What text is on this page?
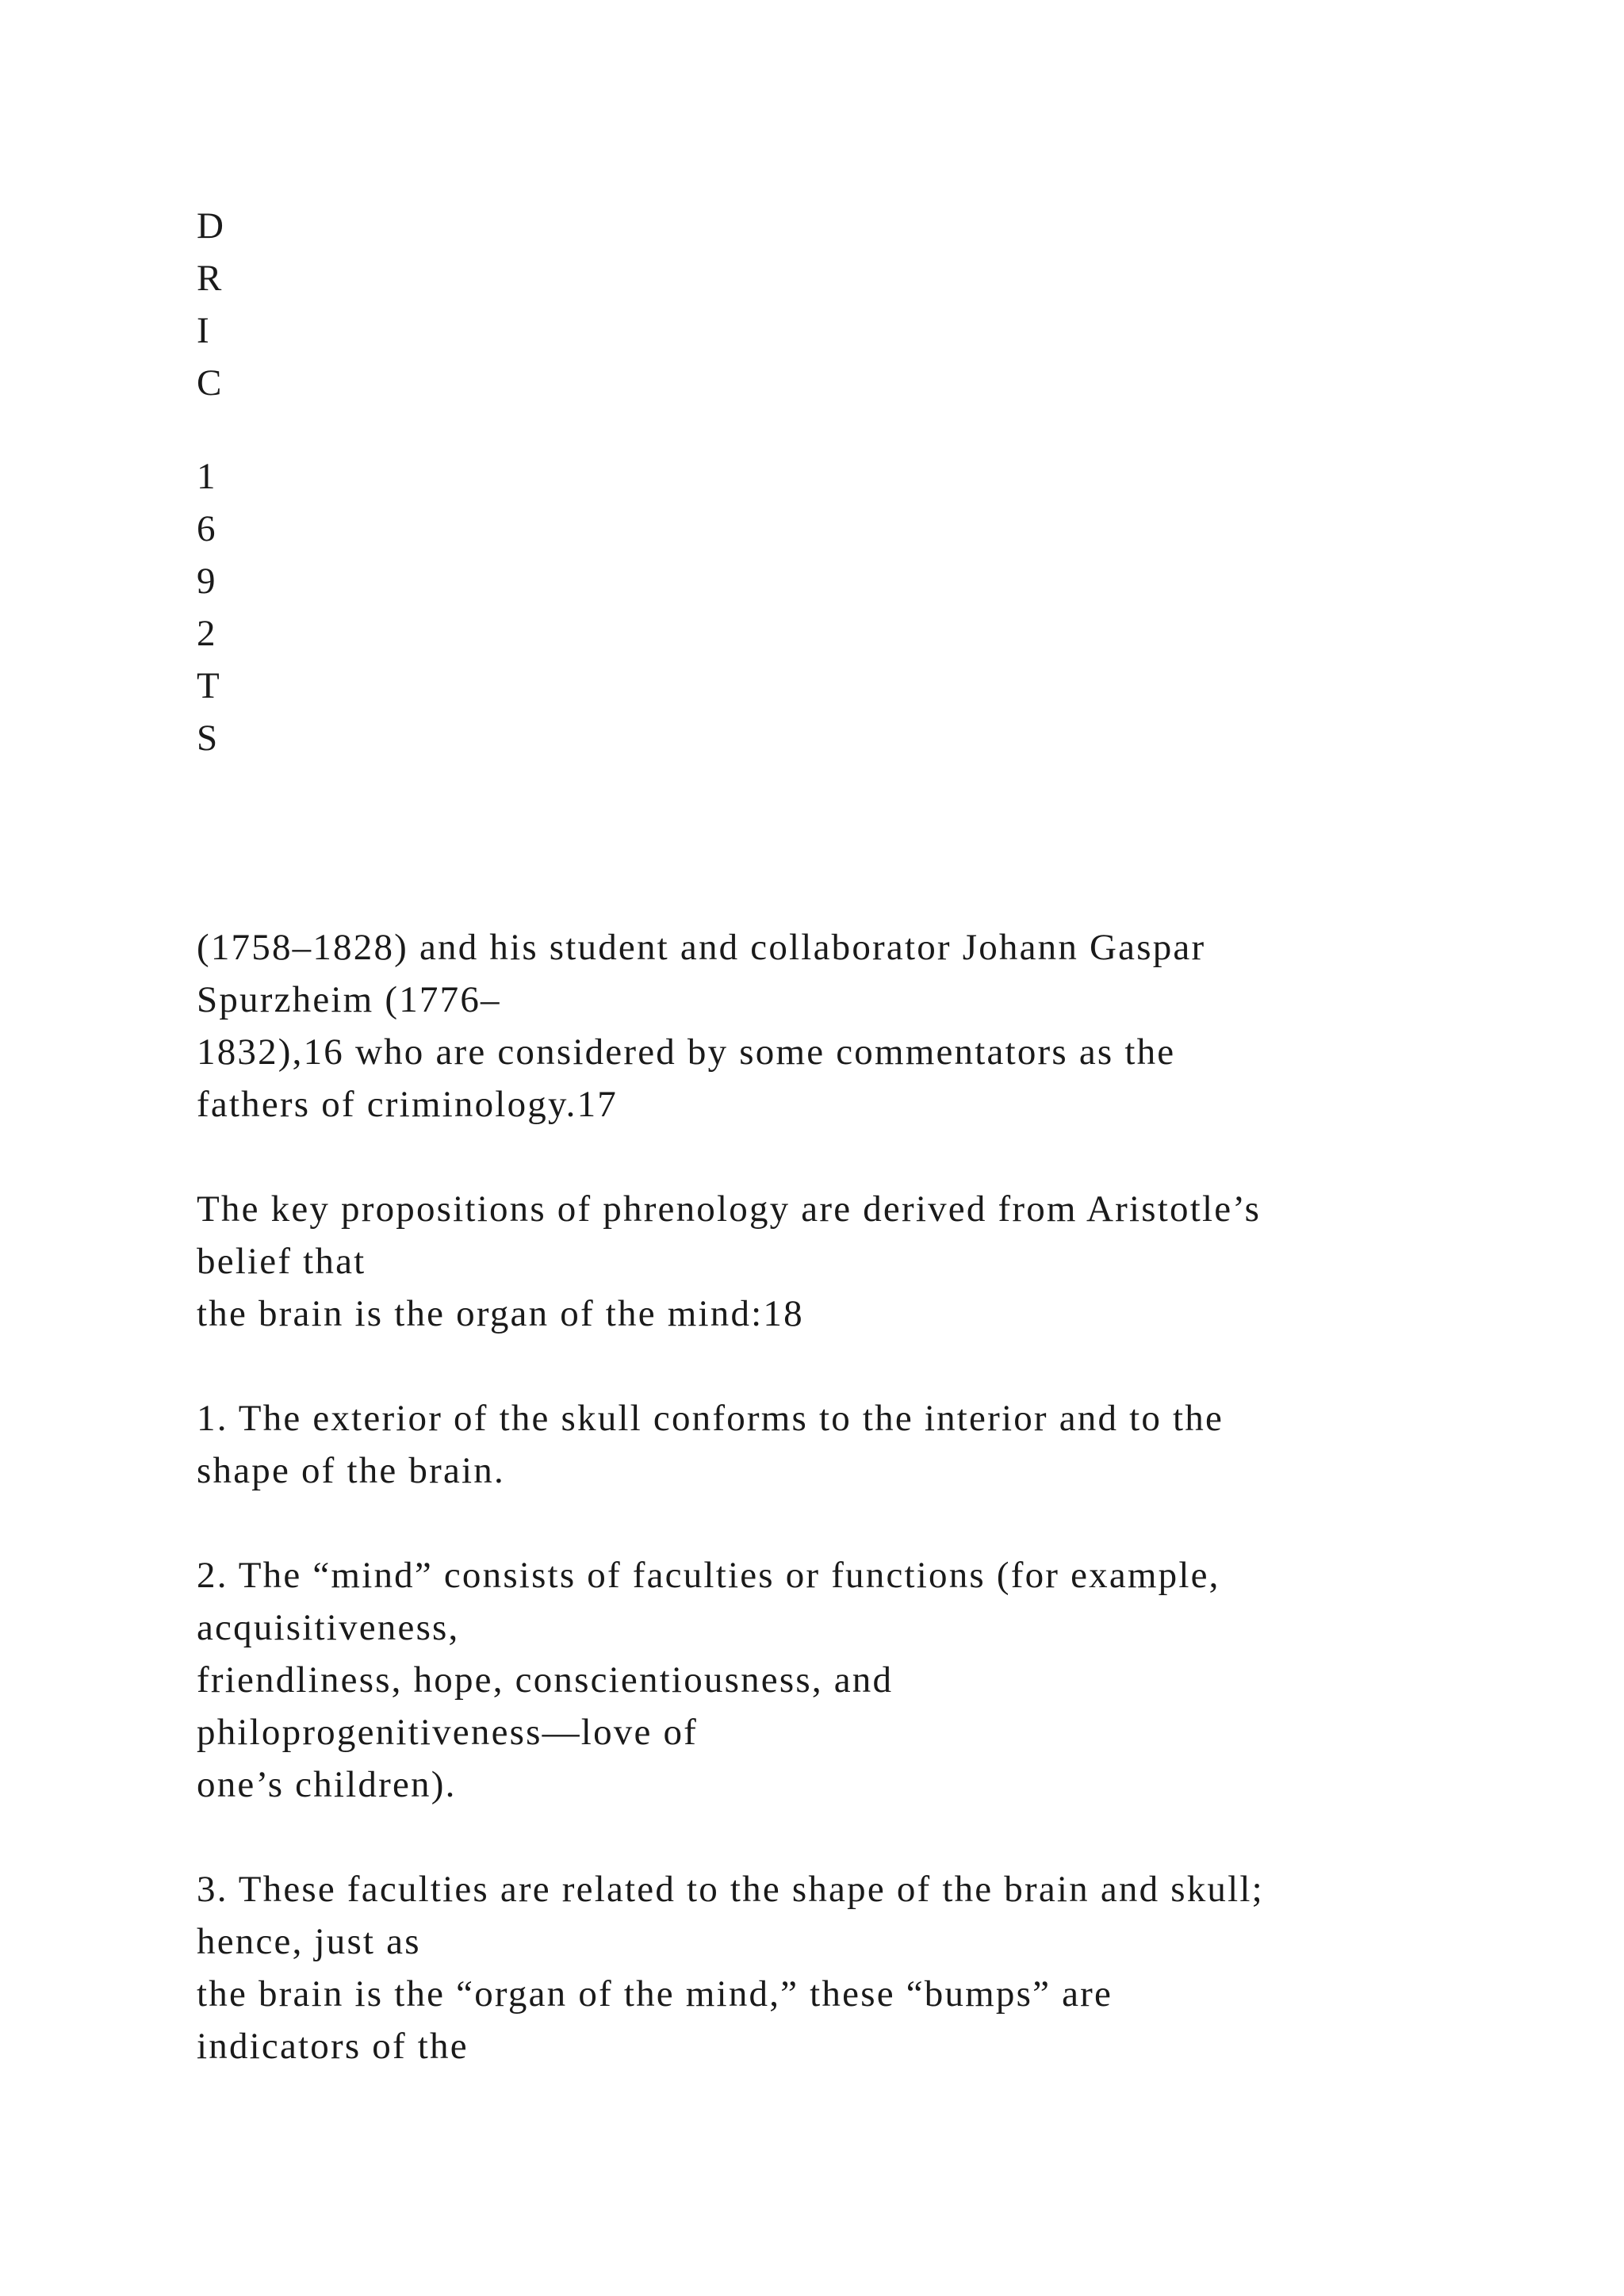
D
R
I
C
1
6
9
2
T
S

(1758–1828) and his student and collaborator Johann Gaspar
Spurzheim (1776–
1832),16 who are considered by some commentators as the
fathers of criminology.17

The key propositions of phrenology are derived from Aristotle’s
belief that
the brain is the organ of the mind:18

1. The exterior of the skull conforms to the interior and to the
shape of the brain.

2. The “mind” consists of faculties or functions (for example,
acquisitiveness,
friendliness, hope, conscientiousness, and
philoprogenitiveness—love of
one’s children).

3. These faculties are related to the shape of the brain and skull;
hence, just as
the brain is the “organ of the mind,” these “bumps” are
indicators of the
